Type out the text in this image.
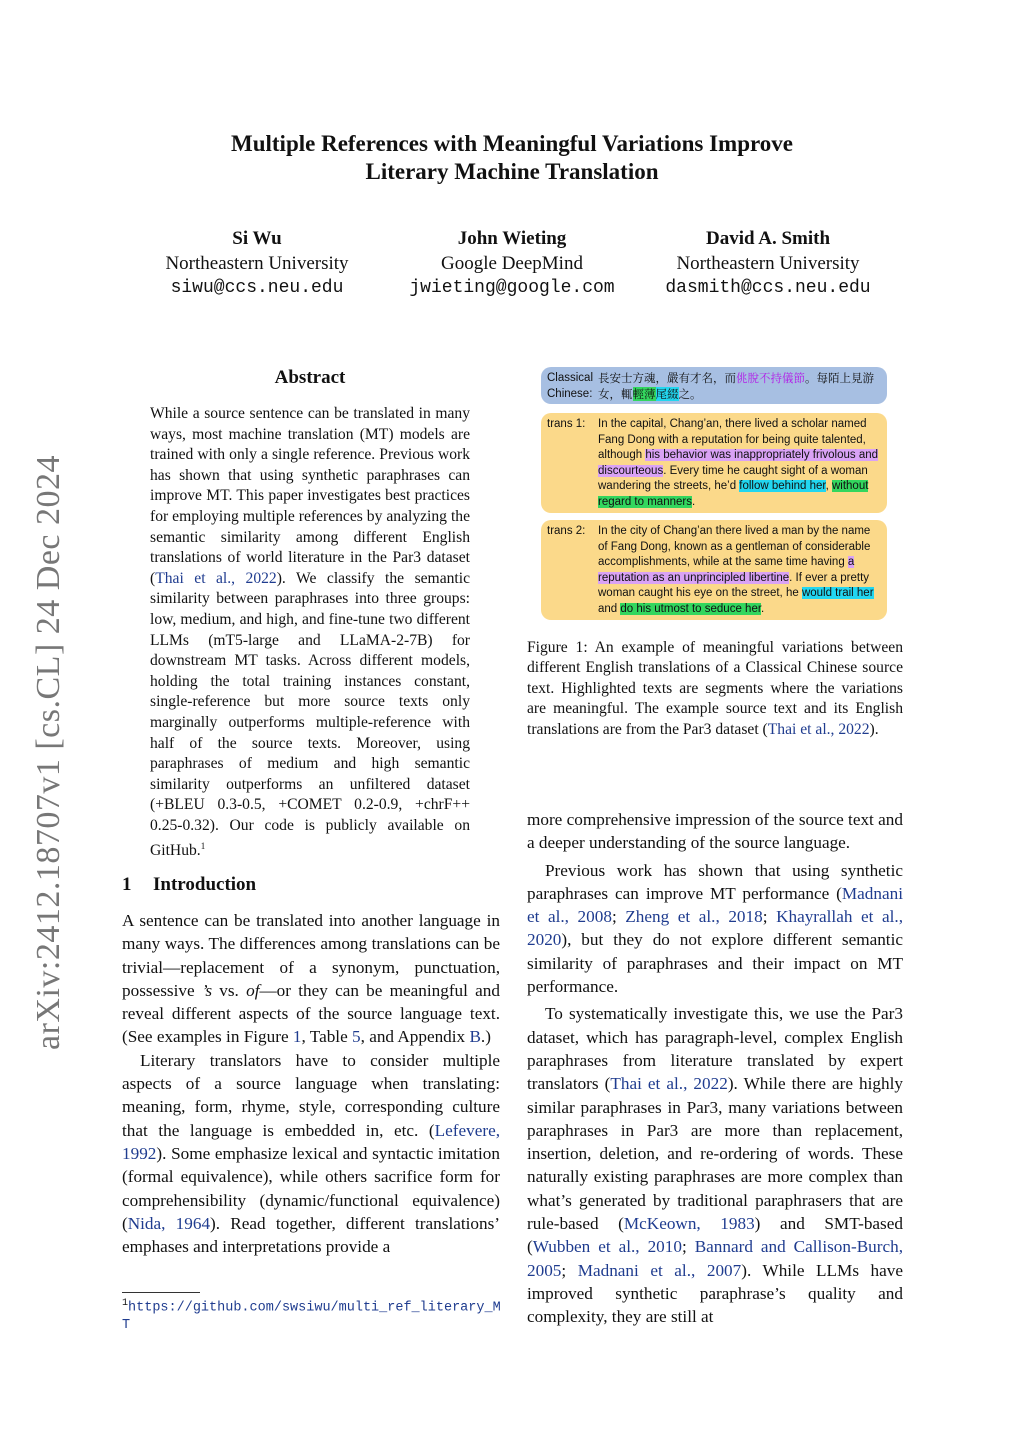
arXiv:2412.18707v1 [cs.CL] 24 Dec 2024
Multiple References with Meaningful Variations Improve
Literary Machine Translation
Si Wu
Northeastern University
siwu@ccs.neu.edu
John Wieting
Google DeepMind
jwieting@google.com
David A. Smith
Northeastern University
dasmith@ccs.neu.edu
Abstract
While a source sentence can be translated in many ways, most machine translation (MT) models are trained with only a single reference. Previous work has shown that using synthetic paraphrases can improve MT. This paper investigates best practices for employing multiple references by analyzing the semantic similarity among different English translations of world literature in the Par3 dataset (Thai et al., 2022). We classify the semantic similarity between paraphrases into three groups: low, medium, and high, and fine-tune two different LLMs (mT5-large and LLaMA-2-7B) for downstream MT tasks. Across different models, holding the total training instances constant, single-reference but more source texts only marginally outperforms multiple-reference with half of the source texts. Moreover, using paraphrases of medium and high semantic similarity outperforms an unfiltered dataset (+BLEU 0.3-0.5, +COMET 0.2-0.9, +chrF++ 0.25-0.32). Our code is publicly available on GitHub.$^1$
1 Introduction

A sentence can be translated into another language in many ways. The differences among translations can be trivial—replacement of a synonym, punctuation, possessive ’s vs. of—or they can be meaningful and reveal different aspects of the source language text. (See examples in Figure 1, Table 5, and Appendix B.)

Literary translators have to consider multiple aspects of a source language when translating: meaning, form, rhyme, style, corresponding culture that the language is embedded in, etc. (Lefevere, 1992). Some emphasize lexical and syntactic imitation (formal equivalence), while others sacrifice form for comprehensibility (dynamic/functional equivalence) (Nida, 1964). Read together, different translations’ emphases and interpretations provide a

$^1$https://github.com/swsiwu/multi_ref_literary_MT
Classical Chinese:
長安士方魂，嚴有才名，而佻脫不持儀節。每陌上見游女，輒輕薄尾綴之。
trans 1: In the capital, Chang’an, there lived a scholar named Fang Dong with a reputation for being quite talented, although his behavior was inappropriately frivolous and discourteous. Every time he caught sight of a woman wandering the streets, he’d follow behind her, without regard to manners.
trans 2: In the city of Chang’an there lived a man by the name of Fang Dong, known as a gentleman of considerable accomplishments, while at the same time having a reputation as an unprincipled libertine. If ever a pretty woman caught his eye on the street, he would trail her and do his utmost to seduce her.
Figure 1: An example of meaningful variations between different English translations of a Classical Chinese source text. Highlighted texts are segments where the variations are meaningful. The example source text and its English translations are from the Par3 dataset (Thai et al., 2022).

more comprehensive impression of the source text and a deeper understanding of the source language.

Previous work has shown that using synthetic paraphrases can improve MT performance (Madnani et al., 2008; Zheng et al., 2018; Khayrallah et al., 2020), but they do not explore different semantic similarity of paraphrases and their impact on MT performance.

To systematically investigate this, we use the Par3 dataset, which has paragraph-level, complex English paraphrases from literature translated by expert translators (Thai et al., 2022). While there are highly similar paraphrases in Par3, many variations between paraphrases in Par3 are more than replacement, insertion, deletion, and re-ordering of words. These naturally existing paraphrases are more complex than what’s generated by traditional paraphrasers that are rule-based (McKeown, 1983) and SMT-based (Wubben et al., 2010; Bannard and Callison-Burch, 2005; Madnani et al., 2007). While LLMs have improved synthetic paraphrase’s quality and complexity, they are still at
